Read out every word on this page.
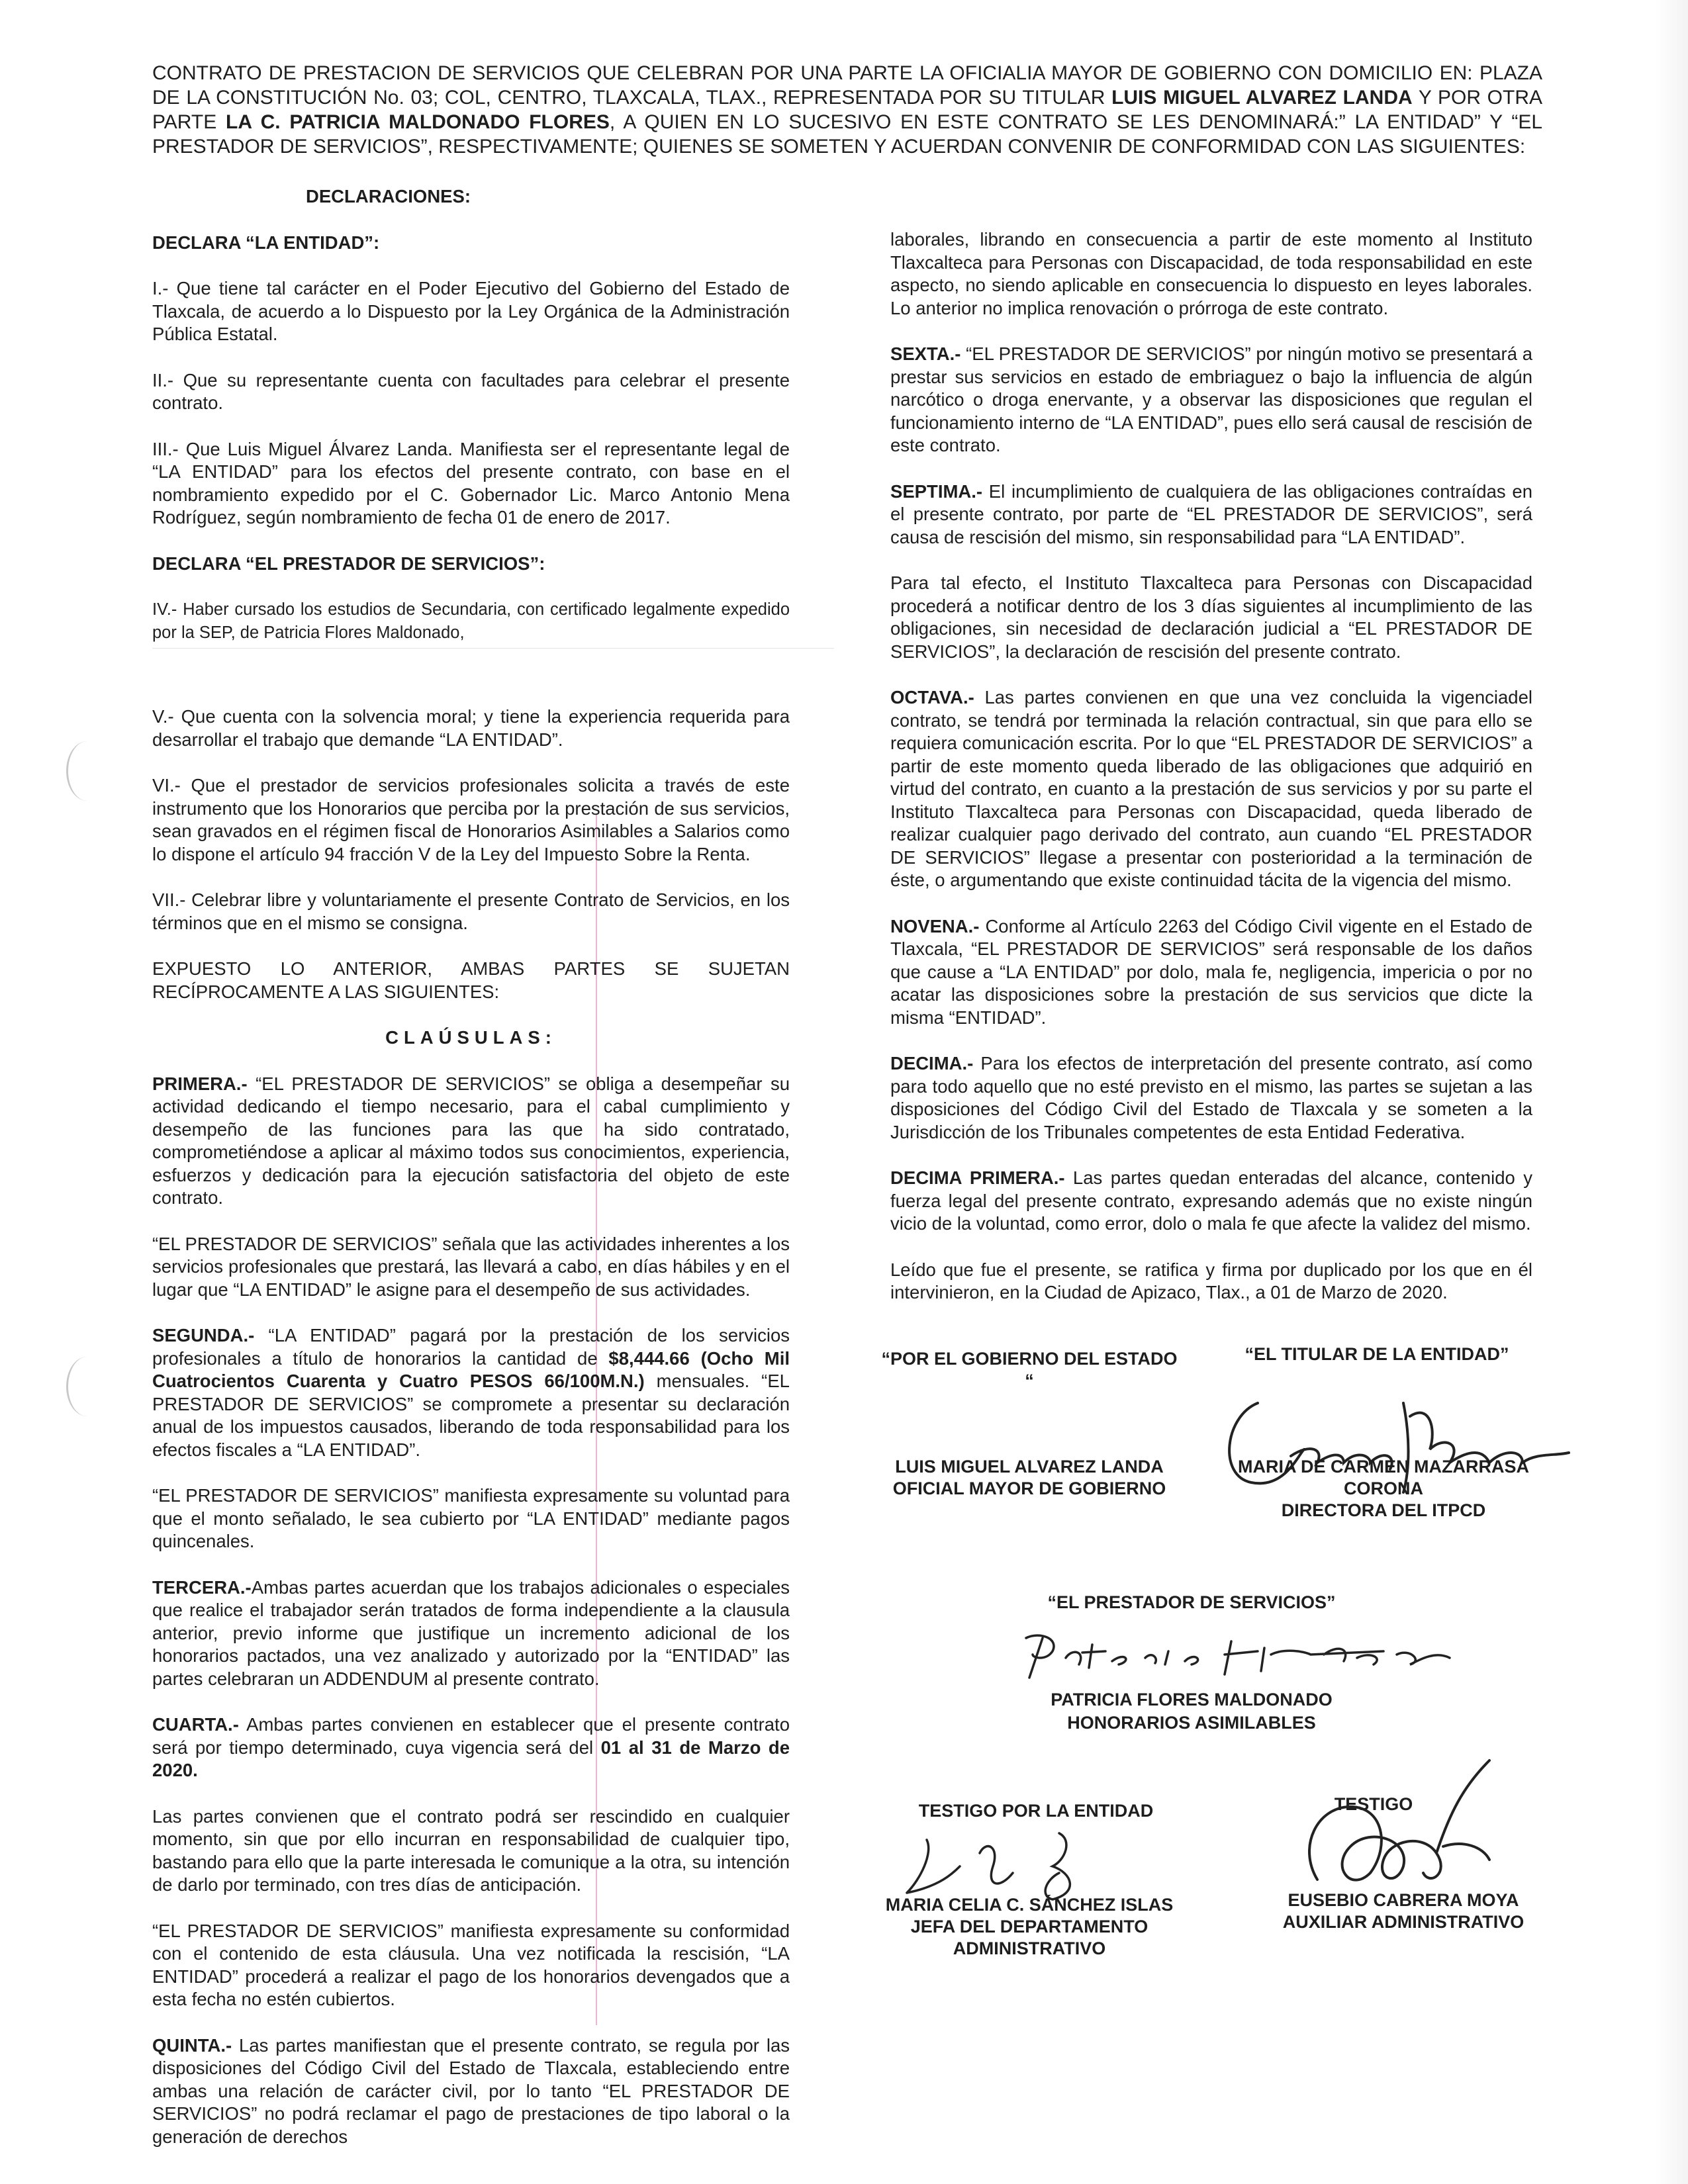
CONTRATO DE PRESTACION DE SERVICIOS QUE CELEBRAN POR UNA PARTE LA OFICIALIA MAYOR DE GOBIERNO CON DOMICILIO EN: PLAZA DE LA CONSTITUCIÓN No. 03; COL, CENTRO, TLAXCALA, TLAX., REPRESENTADA POR SU TITULAR LUIS MIGUEL ALVAREZ LANDA Y POR OTRA PARTE LA C. PATRICIA MALDONADO FLORES, A QUIEN EN LO SUCESIVO EN ESTE CONTRATO SE LES DENOMINARÁ:” LA ENTIDAD” Y “EL PRESTADOR DE SERVICIOS”, RESPECTIVAMENTE; QUIENES SE SOMETEN Y ACUERDAN CONVENIR DE CONFORMIDAD CON LAS SIGUIENTES:

DECLARACIONES:

DECLARA “LA ENTIDAD”:

I.- Que tiene tal carácter en el Poder Ejecutivo del Gobierno del Estado de Tlaxcala, de acuerdo a lo Dispuesto por la Ley Orgánica de la Administración Pública Estatal.

II.- Que su representante cuenta con facultades para celebrar el presente contrato.

III.- Que Luis Miguel Álvarez Landa. Manifiesta ser el representante legal de “LA ENTIDAD” para los efectos del presente contrato, con base en el nombramiento expedido por el C. Gobernador Lic. Marco Antonio Mena Rodríguez, según nombramiento de fecha 01 de enero de 2017.

DECLARA “EL PRESTADOR DE SERVICIOS”:

IV.- Haber cursado los estudios de Secundaria, con certificado legalmente expedido por la SEP, de Patricia Flores Maldonado,

V.- Que cuenta con la solvencia moral; y tiene la experiencia requerida para desarrollar el trabajo que demande “LA ENTIDAD”.

VI.- Que el prestador de servicios profesionales solicita a través de este instrumento que los Honorarios que perciba por la prestación de sus servicios, sean gravados en el régimen fiscal de Honorarios Asimilables a Salarios como lo dispone el artículo 94 fracción V de la Ley del Impuesto Sobre la Renta.

VII.- Celebrar libre y voluntariamente el presente Contrato de Servicios, en los términos que en el mismo se consigna.

EXPUESTO LO ANTERIOR, AMBAS PARTES SE SUJETAN RECÍPROCAMENTE A LAS SIGUIENTES:

CLAÚSULAS:

PRIMERA.- “EL PRESTADOR DE SERVICIOS” se obliga a desempeñar su actividad dedicando el tiempo necesario, para el cabal cumplimiento y desempeño de las funciones para las que ha sido contratado, comprometiéndose a aplicar al máximo todos sus conocimientos, experiencia, esfuerzos y dedicación para la ejecución satisfactoria del objeto de este contrato.

“EL PRESTADOR DE SERVICIOS” señala que las actividades inherentes a los servicios profesionales que prestará, las llevará a cabo, en días hábiles y en el lugar que “LA ENTIDAD” le asigne para el desempeño de sus actividades.

SEGUNDA.- “LA ENTIDAD” pagará por la prestación de los servicios profesionales a título de honorarios la cantidad de $8,444.66 (Ocho Mil Cuatrocientos Cuarenta y Cuatro PESOS 66/100M.N.) mensuales. “EL PRESTADOR DE SERVICIOS” se compromete a presentar su declaración anual de los impuestos causados, liberando de toda responsabilidad para los efectos fiscales a “LA ENTIDAD”.

“EL PRESTADOR DE SERVICIOS” manifiesta expresamente su voluntad para que el monto señalado, le sea cubierto por “LA ENTIDAD” mediante pagos quincenales.

TERCERA.-Ambas partes acuerdan que los trabajos adicionales o especiales que realice el trabajador serán tratados de forma independiente a la clausula anterior, previo informe que justifique un incremento adicional de los honorarios pactados, una vez analizado y autorizado por la “ENTIDAD” las partes celebraran un ADDENDUM al presente contrato.

CUARTA.- Ambas partes convienen en establecer que el presente contrato será por tiempo determinado, cuya vigencia será del 01 al 31 de Marzo de 2020.

Las partes convienen que el contrato podrá ser rescindido en cualquier momento, sin que por ello incurran en responsabilidad de cualquier tipo, bastando para ello que la parte interesada le comunique a la otra, su intención de darlo por terminado, con tres días de anticipación.

“EL PRESTADOR DE SERVICIOS” manifiesta expresamente su conformidad con el contenido de esta cláusula. Una vez notificada la rescisión, “LA ENTIDAD” procederá a realizar el pago de los honorarios devengados que a esta fecha no estén cubiertos.

QUINTA.- Las partes manifiestan que el presente contrato, se regula por las disposiciones del Código Civil del Estado de Tlaxcala, estableciendo entre ambas una relación de carácter civil, por lo tanto “EL PRESTADOR DE SERVICIOS” no podrá reclamar el pago de prestaciones de tipo laboral o la generación de derechos

laborales, librando en consecuencia a partir de este momento al Instituto Tlaxcalteca para Personas con Discapacidad, de toda responsabilidad en este aspecto, no siendo aplicable en consecuencia lo dispuesto en leyes laborales. Lo anterior no implica renovación o prórroga de este contrato.

SEXTA.- “EL PRESTADOR DE SERVICIOS” por ningún motivo se presentará a prestar sus servicios en estado de embriaguez o bajo la influencia de algún narcótico o droga enervante, y a observar las disposiciones que regulan el funcionamiento interno de “LA ENTIDAD”, pues ello será causal de rescisión de este contrato.

SEPTIMA.- El incumplimiento de cualquiera de las obligaciones contraídas en el presente contrato, por parte de “EL PRESTADOR DE SERVICIOS”, será causa de rescisión del mismo, sin responsabilidad para “LA ENTIDAD”.

Para tal efecto, el Instituto Tlaxcalteca para Personas con Discapacidad procederá a notificar dentro de los 3 días siguientes al incumplimiento de las obligaciones, sin necesidad de declaración judicial a “EL PRESTADOR DE SERVICIOS”, la declaración de rescisión del presente contrato.

OCTAVA.- Las partes convienen en que una vez concluida la vigenciadel contrato, se tendrá por terminada la relación contractual, sin que para ello se requiera comunicación escrita. Por lo que “EL PRESTADOR DE SERVICIOS” a partir de este momento queda liberado de las obligaciones que adquirió en virtud del contrato, en cuanto a la prestación de sus servicios y por su parte el Instituto Tlaxcalteca para Personas con Discapacidad, queda liberado de realizar cualquier pago derivado del contrato, aun cuando “EL PRESTADOR DE SERVICIOS” llegase a presentar con posterioridad a la terminación de éste, o argumentando que existe continuidad tácita de la vigencia del mismo.

NOVENA.- Conforme al Artículo 2263 del Código Civil vigente en el Estado de Tlaxcala, “EL PRESTADOR DE SERVICIOS” será responsable de los daños que cause a “LA ENTIDAD” por dolo, mala fe, negligencia, impericia o por no acatar las disposiciones sobre la prestación de sus servicios que dicte la misma “ENTIDAD”.

DECIMA.- Para los efectos de interpretación del presente contrato, así como para todo aquello que no esté previsto en el mismo, las partes se sujetan a las disposiciones del Código Civil del Estado de Tlaxcala y se someten a la Jurisdicción de los Tribunales competentes de esta Entidad Federativa.

DECIMA PRIMERA.- Las partes quedan enteradas del alcance, contenido y fuerza legal del presente contrato, expresando además que no existe ningún vicio de la voluntad, como error, dolo o mala fe que afecte la validez del mismo.

Leído que fue el presente, se ratifica y firma por duplicado por los que en él intervinieron, en la Ciudad de Apizaco, Tlax., a 01 de Marzo de 2020.

“POR EL GOBIERNO DEL ESTADO “
“EL TITULAR DE LA ENTIDAD”
LUIS MIGUEL ALVAREZ LANDA
OFICIAL MAYOR DE GOBIERNO
MARIA DE CARMEN MAZARRASA
CORONA
DIRECTORA DEL ITPCD
“EL PRESTADOR DE SERVICIOS”
PATRICIA FLORES MALDONADO
HONORARIOS ASIMILABLES
TESTIGO POR LA ENTIDAD	TESTIGO
MARIA CELIA C. SÁNCHEZ ISLAS
JEFA DEL DEPARTAMENTO
ADMINISTRATIVO
EUSEBIO CABRERA MOYA
AUXILIAR ADMINISTRATIVO
